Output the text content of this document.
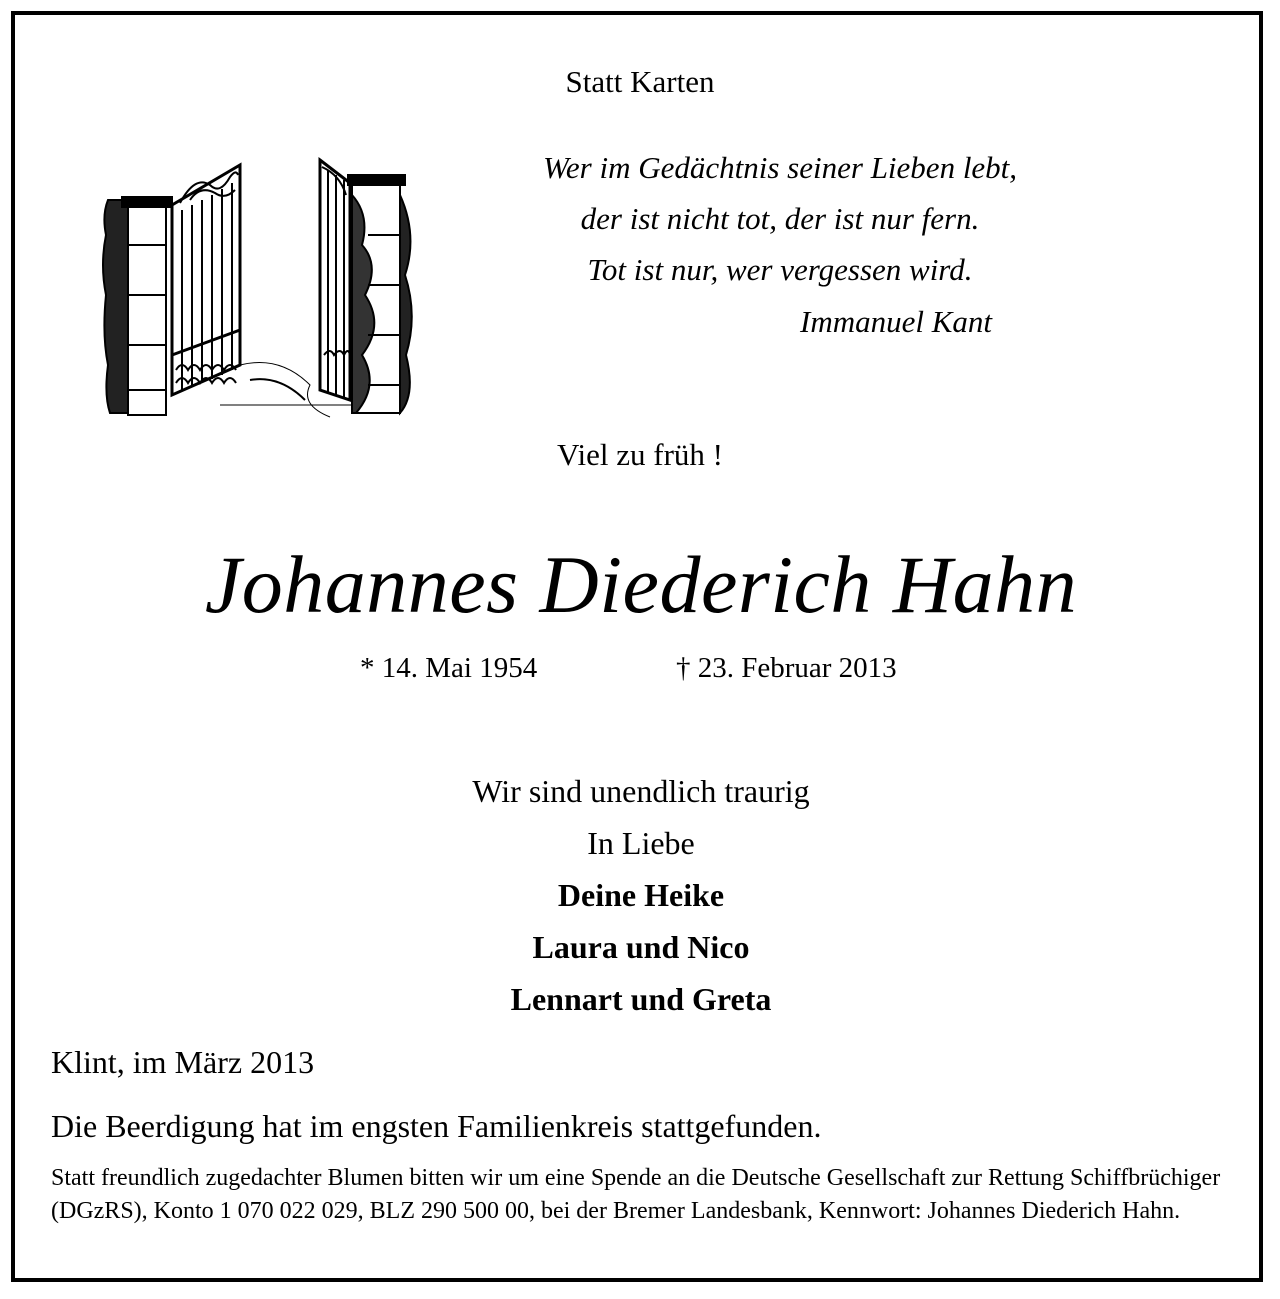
Statt Karten
Wer im Gedächtnis seiner Lieben lebt,
der ist nicht tot, der ist nur fern.
Tot ist nur, wer vergessen wird.
Immanuel Kant
Viel zu früh !
Johannes Diederich Hahn
* 14. Mai 1954	† 23. Februar 2013
Wir sind unendlich traurig
In Liebe
Deine Heike
Laura und Nico
Lennart und Greta
Klint, im März 2013
Die Beerdigung hat im engsten Familienkreis stattgefunden.
Statt freundlich zugedachter Blumen bitten wir um eine Spende an die Deutsche Gesellschaft zur Rettung Schiffbrüchiger (DGzRS), Konto 1 070 022 029, BLZ 290 500 00, bei der Bremer Landesbank, Kennwort: Johannes Diederich Hahn.
